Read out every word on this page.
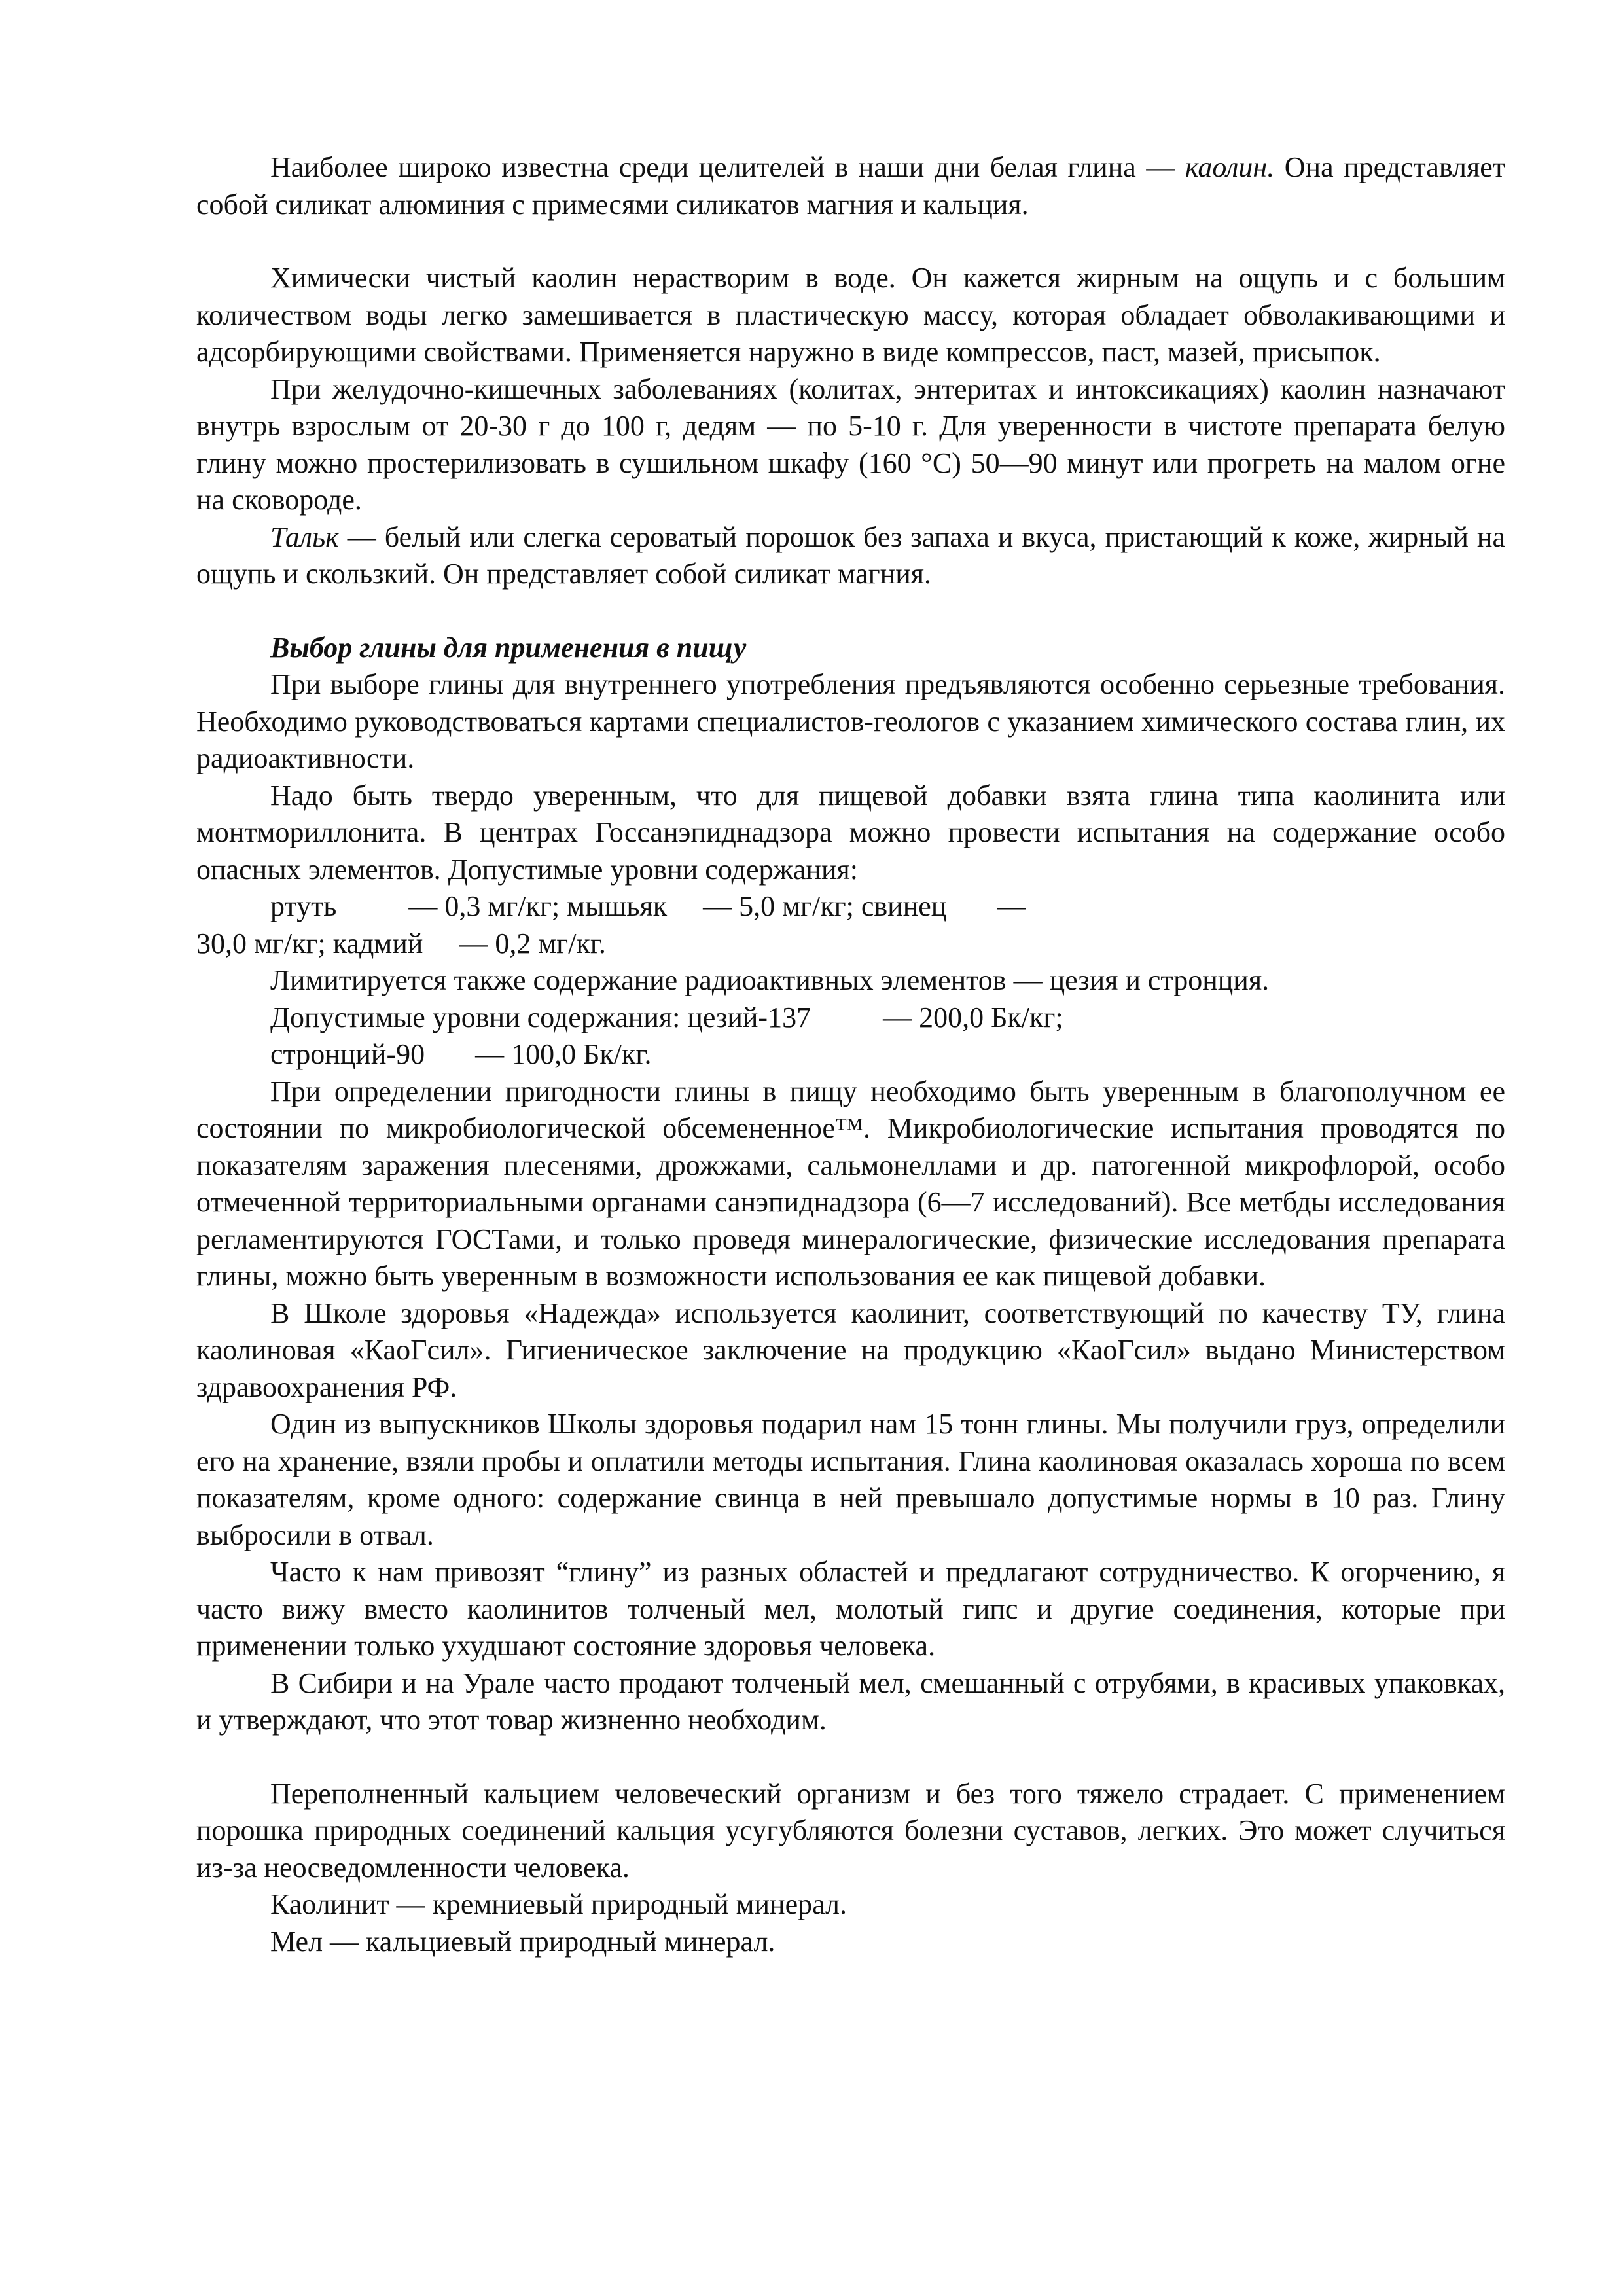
Наиболее широко известна среди целителей в наши дни белая глина — каолин. Она представляет собой силикат алюминия с примесями силикатов магния и кальция.

Химически чистый каолин нерастворим в воде. Он кажется жирным на ощупь и с большим количеством воды легко замешивается в пластическую массу, которая обладает обволакивающими и адсорбирующими свойствами. Применяется наружно в виде компрессов, паст, мазей, присыпок.

При желудочно-кишечных заболеваниях (колитах, энтеритах и интоксикациях) каолин назначают внутрь взрослым от 20-30 г до 100 г, дедям — по 5-10 г. Для уверенности в чистоте препарата белую глину можно простерилизовать в сушильном шкафу (160 °С) 50—90 минут или прогреть на малом огне на сковороде.

Тальк — белый или слегка сероватый порошок без запаха и вкуса, пристающий к коже, жирный на ощупь и скользкий. Он представляет собой силикат магния.

Выбор глины для применения в пищу

При выборе глины для внутреннего употребления предъявляются особенно серьезные требования. Необходимо руководствоваться картами специалистов-геологов с указанием химического состава глин, их радиоактивности.

Надо быть твердо уверенным, что для пищевой добавки взята глина типа каолинита или монтмориллонита. В центрах Госсанэпиднадзора можно провести испытания на содержание особо опасных элементов. Допустимые уровни содержания:

ртуть          — 0,3 мг/кг; мышьяк     — 5,0 мг/кг; свинец       —

30,0 мг/кг; кадмий     — 0,2 мг/кг.

Лимитируется также содержание радиоактивных элементов — цезия и стронция.

Допустимые уровни содержания: цезий-137          — 200,0 Бк/кг;

стронций-90       — 100,0 Бк/кг.

При определении пригодности глины в пищу необходимо быть уверенным в благополучном ее состоянии по микробиологической обсемененное™. Микробиологические испытания проводятся по показателям заражения плесенями, дрожжами, сальмонеллами и др. патогенной микрофлорой, особо отмеченной территориальными органами санэпиднадзора (6—7 исследований). Все метбды исследования регламентируются ГОСТами, и только проведя минералогические, физические исследования препарата глины, можно быть уверенным в возможности использования ее как пищевой добавки.

В Школе здоровья «Надежда» используется каолинит, соответствующий по качеству ТУ, глина каолиновая «КаоГсил». Гигиеническое заключение на продукцию «КаоГсил» выдано Министерством здравоохранения РФ.

Один из выпускников Школы здоровья подарил нам 15 тонн глины. Мы получили груз, определили его на хранение, взяли пробы и оплатили методы испытания. Глина каолиновая оказалась хороша по всем показателям, кроме одного: содержание свинца в ней превышало допустимые нормы в 10 раз. Глину выбросили в отвал.

Часто к нам привозят “глину” из разных областей и предлагают сотрудничество. К огорчению, я часто вижу вместо каолинитов толченый мел, молотый гипс и другие соединения, которые при применении только ухудшают состояние здоровья человека.

В Сибири и на Урале часто продают толченый мел, смешанный с отрубями, в красивых упаковках, и утверждают, что этот товар жизненно необходим.

Переполненный кальцием человеческий организм и без того тяжело страдает. С применением порошка природных соединений кальция усугубляются болезни суставов, легких. Это может случиться из-за неосведомленности человека.

Каолинит — кремниевый природный минерал.

Мел — кальциевый природный минерал.
